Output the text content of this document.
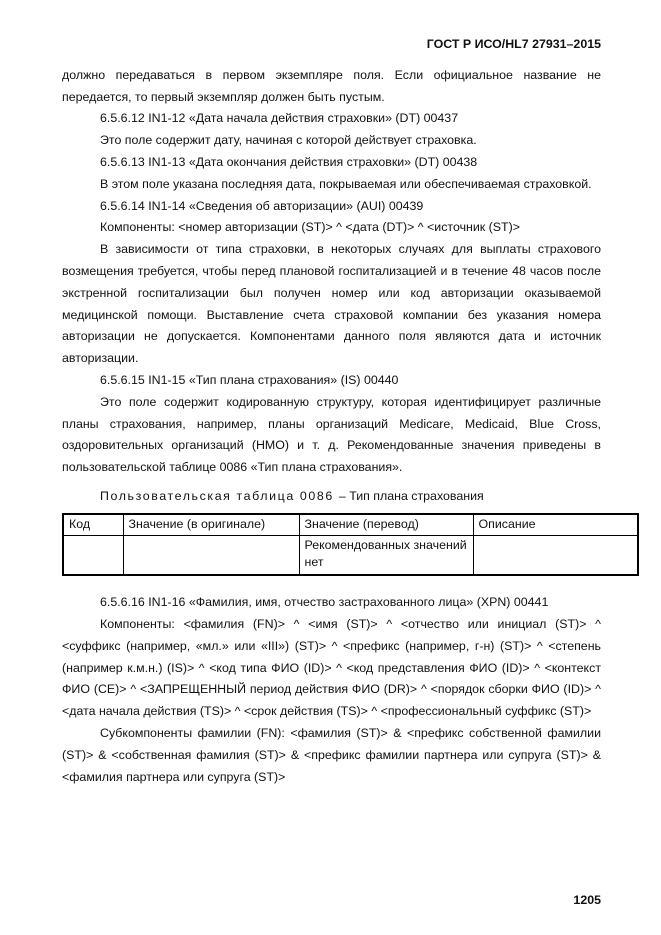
ГОСТ Р ИСО/HL7 27931–2015

должно передаваться в первом экземпляре поля. Если официальное название не передается, то первый экземпляр должен быть пустым.

6.5.6.12 IN1-12 «Дата начала действия страховки» (DT) 00437

Это поле содержит дату, начиная с которой действует страховка.

6.5.6.13 IN1-13 «Дата окончания действия страховки» (DT) 00438

В этом поле указана последняя дата, покрываемая или обеспечиваемая страховкой.

6.5.6.14 IN1-14 «Сведения об авторизации» (AUI) 00439

Компоненты: <номер авторизации (ST)> ^ <дата (DT)> ^ <источник (ST)>

В зависимости от типа страховки, в некоторых случаях для выплаты страхового возмещения требуется, чтобы перед плановой госпитализацией и в течение 48 часов после экстренной госпитализации был получен номер или код авторизации оказываемой медицинской помощи. Выставление счета страховой компании без указания номера авторизации не допускается. Компонентами данного поля являются дата и источник авторизации.

6.5.6.15 IN1-15 «Тип плана страхования» (IS) 00440

Это поле содержит кодированную структуру, которая идентифицирует различные планы страхования, например, планы организаций Medicare, Medicaid, Blue Cross, оздоровительных организаций (HMO) и т. д. Рекомендованные значения приведены в пользовательской таблице 0086 «Тип плана страхования».

Пользовательская таблица 0086 – Тип плана страхования

Код	Значение (в оригинале)	Значение (перевод)	Описание
		Рекомендованных значений нет	

6.5.6.16 IN1-16 «Фамилия, имя, отчество застрахованного лица» (XPN) 00441

Компоненты: <фамилия (FN)> ^ <имя (ST)> ^ <отчество или инициал (ST)> ^ <суффикс (например, «мл.» или «III») (ST)> ^ <префикс (например, г-н) (ST)> ^ <степень (например к.м.н.) (IS)> ^ <код типа ФИО (ID)> ^ <код представления ФИО (ID)> ^ <контекст ФИО (CE)> ^ <ЗАПРЕЩЕННЫЙ период действия ФИО (DR)> ^ <порядок сборки ФИО (ID)> ^ <дата начала действия (TS)> ^ <срок действия (TS)> ^ <профессиональный суффикс (ST)>

Субкомпоненты фамилии (FN): <фамилия (ST)> & <префикс собственной фамилии (ST)> & <собственная фамилия (ST)> & <префикс фамилии партнера или супруга (ST)> & <фамилия партнера или супруга (ST)>

1205
